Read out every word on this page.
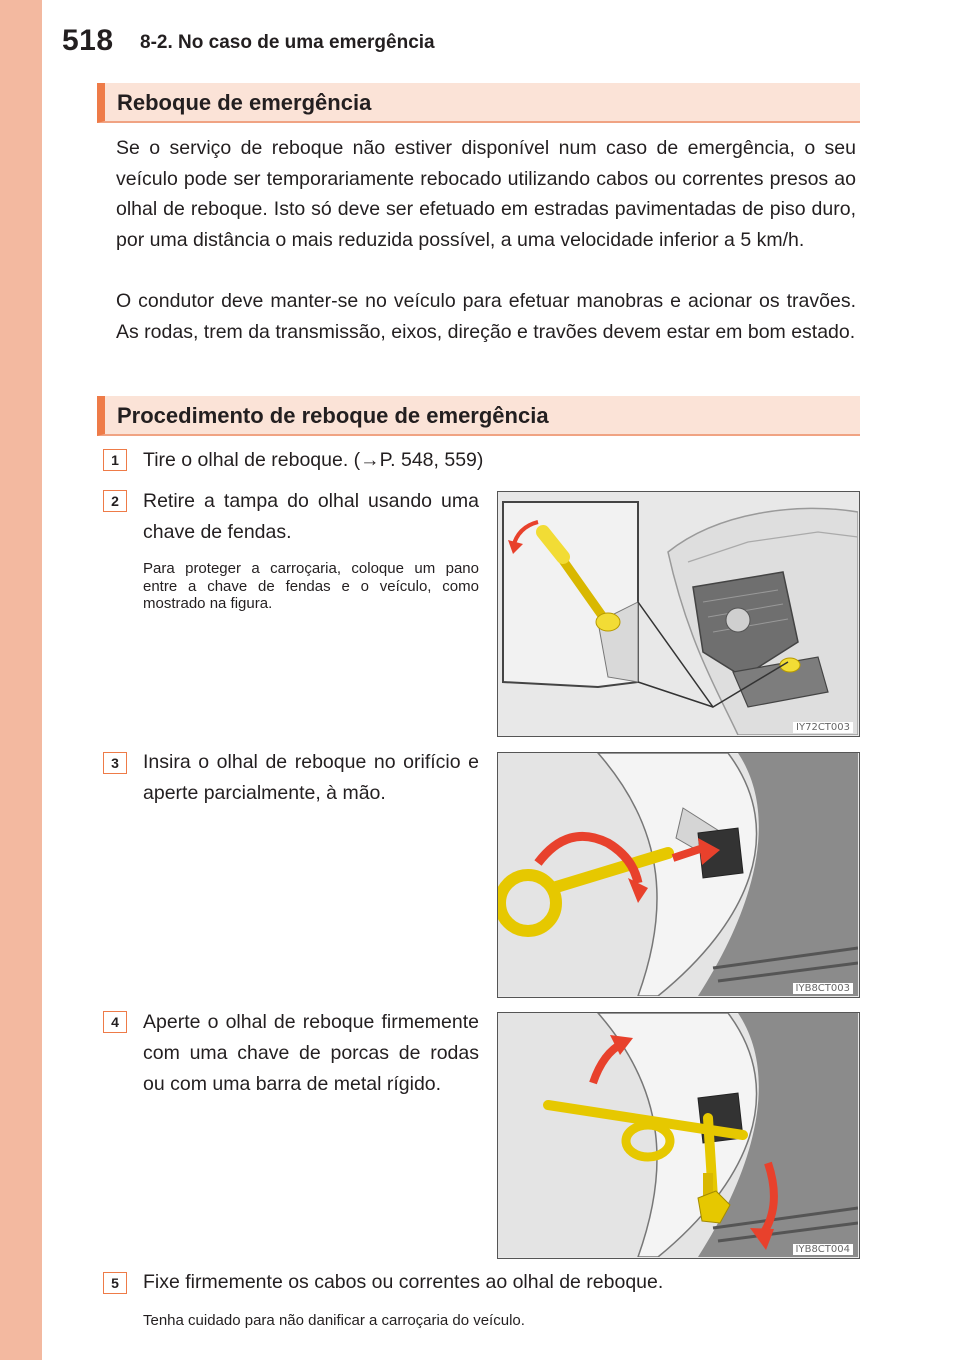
518 8-2. No caso de uma emergência
Reboque de emergência
Se o serviço de reboque não estiver disponível num caso de emergência, o seu veículo pode ser temporariamente rebocado utilizando cabos ou correntes presos ao olhal de reboque. Isto só deve ser efetuado em estradas pavimentadas de piso duro, por uma distância o mais reduzida possível, a uma velocidade inferior a 5 km/h.
O condutor deve manter-se no veículo para efetuar manobras e acionar os travões. As rodas, trem da transmissão, eixos, direção e travões devem estar em bom estado.
Procedimento de reboque de emergência
1	Tire o olhal de reboque. (→P. 548, 559)
2	Retire a tampa do olhal usando uma chave de fendas.
Para proteger a carroçaria, coloque um pano entre a chave de fendas e o veículo, como mostrado na figura.
IY72CT003
3	Insira o olhal de reboque no orifício e aperte parcialmente, à mão.
IYB8CT003
4	Aperte o olhal de reboque firmemente com uma chave de porcas de rodas ou com uma barra de metal rígido.
IYB8CT004
5	Fixe firmemente os cabos ou correntes ao olhal de reboque.
Tenha cuidado para não danificar a carroçaria do veículo.
